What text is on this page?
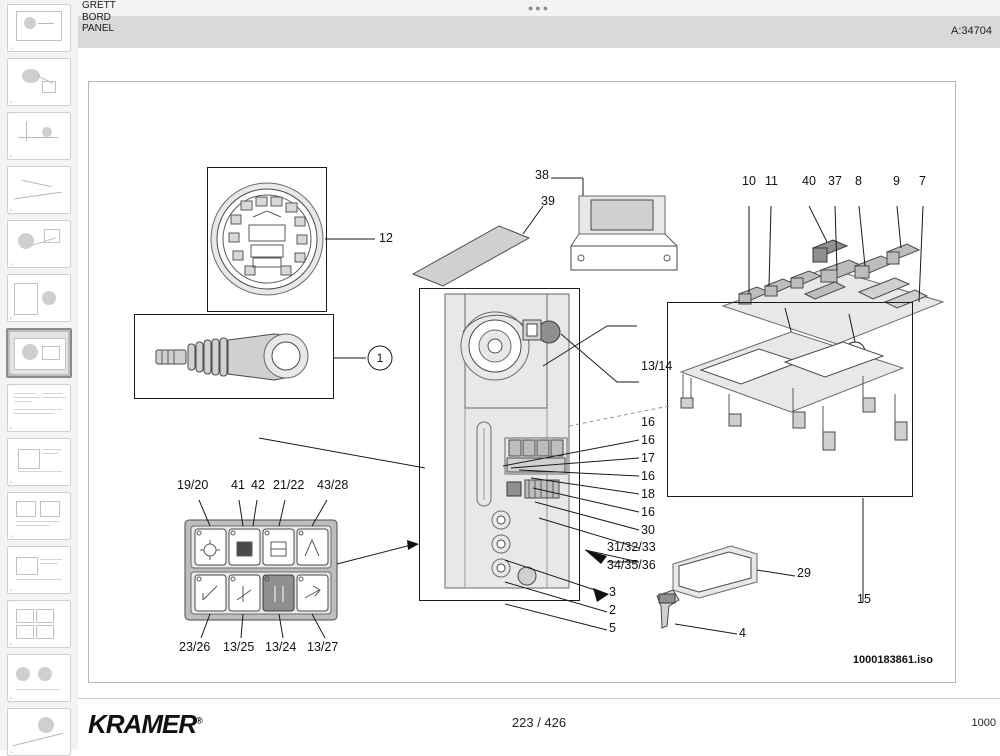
A…
A…
A…
A…
A…
A…
A…
A…
A…
A…
A…
A…
A…
A…
●●●
GRETT
BORD
PANEL	A:34704
12
39
38	10 11 40 37 8 9 7
1
15
13/14
16
16
17
16
18
16
30
31/32/33
34/35/36
3
2
5	4
29
19/20 41 42 21/22 43/28
23/26 13/25 13/24 13/27
1000183861.iso
KRAMER®	223 / 426	1000
